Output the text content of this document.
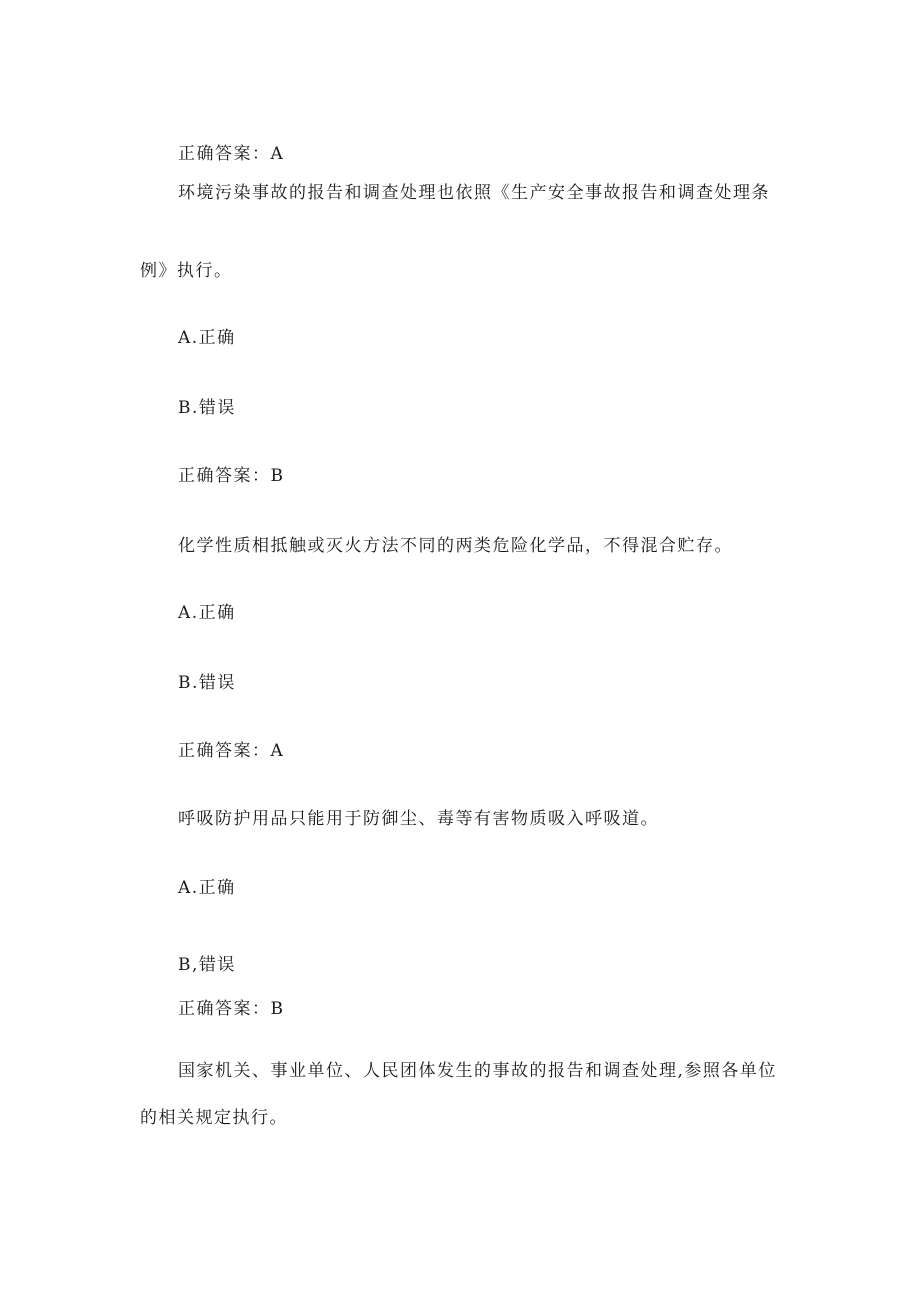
正确答案：A
环境污染事故的报告和调查处理也依照《生产安全事故报告和调查处理条
例》执行。
A.正确
B.错误
正确答案：B
化学性质相抵触或灭火方法不同的两类危险化学品，不得混合贮存。
A.正确
B.错误
正确答案：A
呼吸防护用品只能用于防御尘、毒等有害物质吸入呼吸道。
A.正确
B,错误
正确答案：B
国家机关、事业单位、人民团体发生的事故的报告和调查处理,参照各单位
的相关规定执行。
